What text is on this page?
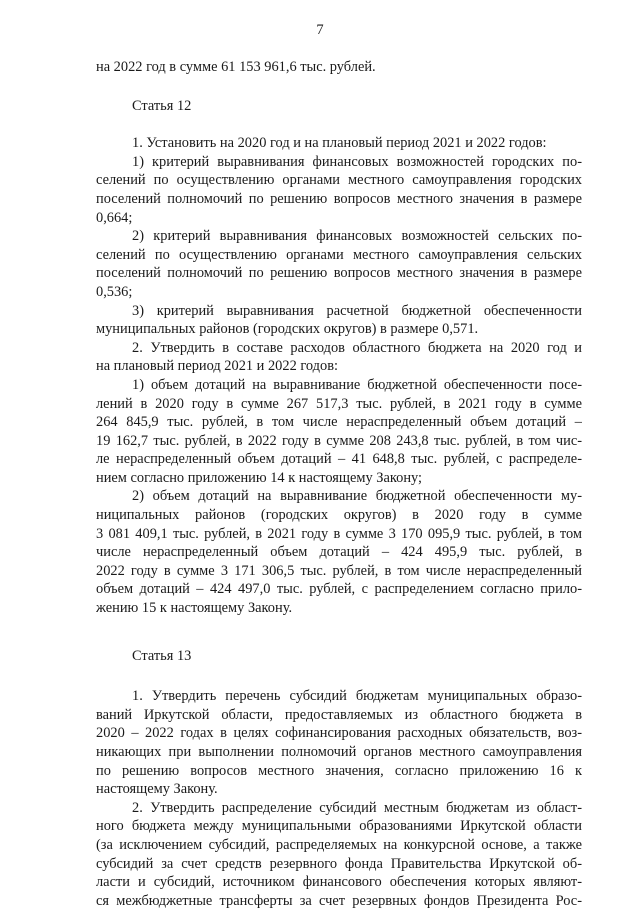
7
на 2022 год в сумме 61 153 961,6 тыс. рублей.
Статья 12
1. Установить на 2020 год и на плановый период 2021 и 2022 годов:
1) критерий выравнивания финансовых возможностей городских по-
селений по осуществлению органами местного самоуправления городских
поселений полномочий по решению вопросов местного значения в размере
0,664;
2) критерий выравнивания финансовых возможностей сельских по-
селений по осуществлению органами местного самоуправления сельских
поселений полномочий по решению вопросов местного значения в размере
0,536;
3) критерий выравнивания расчетной бюджетной обеспеченности
муниципальных районов (городских округов) в размере 0,571.
2. Утвердить в составе расходов областного бюджета на 2020 год и
на плановый период 2021 и 2022 годов:
1) объем дотаций на выравнивание бюджетной обеспеченности посе-
лений в 2020 году в сумме 267 517,3 тыс. рублей, в 2021 году в сумме
264 845,9 тыс. рублей, в том числе нераспределенный объем дотаций –
19 162,7 тыс. рублей, в 2022 году в сумме 208 243,8 тыс. рублей, в том чис-
ле нераспределенный объем дотаций – 41 648,8 тыс. рублей, с распределе-
нием согласно приложению 14 к настоящему Закону;
2) объем дотаций на выравнивание бюджетной обеспеченности му-
ниципальных районов (городских округов) в 2020 году в сумме
3 081 409,1 тыс. рублей, в 2021 году в сумме 3 170 095,9 тыс. рублей, в том
числе нераспределенный объем дотаций – 424 495,9 тыс. рублей, в
2022 году в сумме 3 171 306,5 тыс. рублей, в том числе нераспределенный
объем дотаций – 424 497,0 тыс. рублей, с распределением согласно прило-
жению 15 к настоящему Закону.
Статья 13
1. Утвердить перечень субсидий бюджетам муниципальных образо-
ваний Иркутской области, предоставляемых из областного бюджета в
2020 – 2022 годах в целях софинансирования расходных обязательств, воз-
никающих при выполнении полномочий органов местного самоуправления
по решению вопросов местного значения, согласно приложению 16 к
настоящему Закону.
2. Утвердить распределение субсидий местным бюджетам из област-
ного бюджета между муниципальными образованиями Иркутской области
(за исключением субсидий, распределяемых на конкурсной основе, а также
субсидий за счет средств резервного фонда Правительства Иркутской об-
ласти и субсидий, источником финансового обеспечения которых являют-
ся межбюджетные трансферты за счет резервных фондов Президента Рос-
